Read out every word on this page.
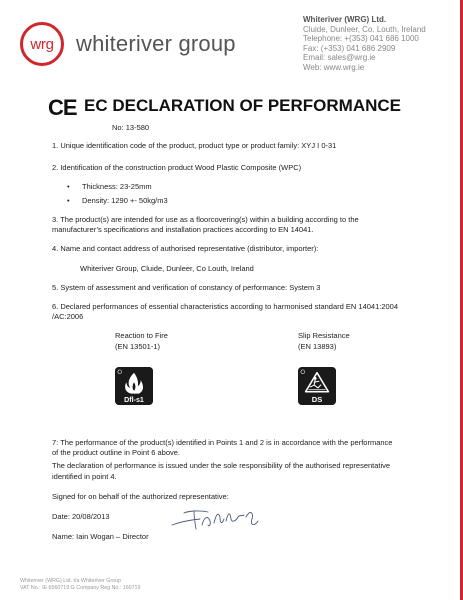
wrg whiteriver group
Whiteriver (WRG) Ltd.
Cluide, Dunleer, Co. Louth, Ireland
Telephone: +(353) 041 686 1000
Fax: (+353) 041 686 2909
Email: sales@wrg.ie
Web: www.wrg.ie
CE EC DECLARATION OF PERFORMANCE
No: 13-580
1. Unique identification code of the product, product type or product family: XYJ I 0-31
2. Identification of the construction product Wood Plastic Composite (WPC)
• Thickness: 23-25mm
• Density: 1290 +- 50kg/m3
3. The product(s) are intended for use as a floorcovering(s) within a building according to the
manufacturer’s specifications and installation practices according to EN 14041.
4. Name and contact address of authorised representative (distributor, importer):
Whiteriver Group, Cluide, Dunleer, Co Louth, Ireland
5. System of assessment and verification of constancy of performance: System 3
6. Declared performances of essential characteristics according to harmonised standard EN 14041:2004
/AC:2006
Reaction to Fire
(EN 13501-1)
Slip Resistance
(EN 13893)
Dfl-s1	DS
7: The performance of the product(s) identified in Points 1 and 2 is in accordance with the performance
of the product outline in Point 6 above.
The declaration of performance is issued under the sole responsibility of the authorised representative
identified in point 4.
Signed for on behalf of the authorized representative:
Date: 20/08/2013
Name: Iain Wogan – Director
Whiteriver (WRG) Ltd. t/a Whiteriver Group
VAT No.: IE 6560719 G Company Reg No.: 160719
